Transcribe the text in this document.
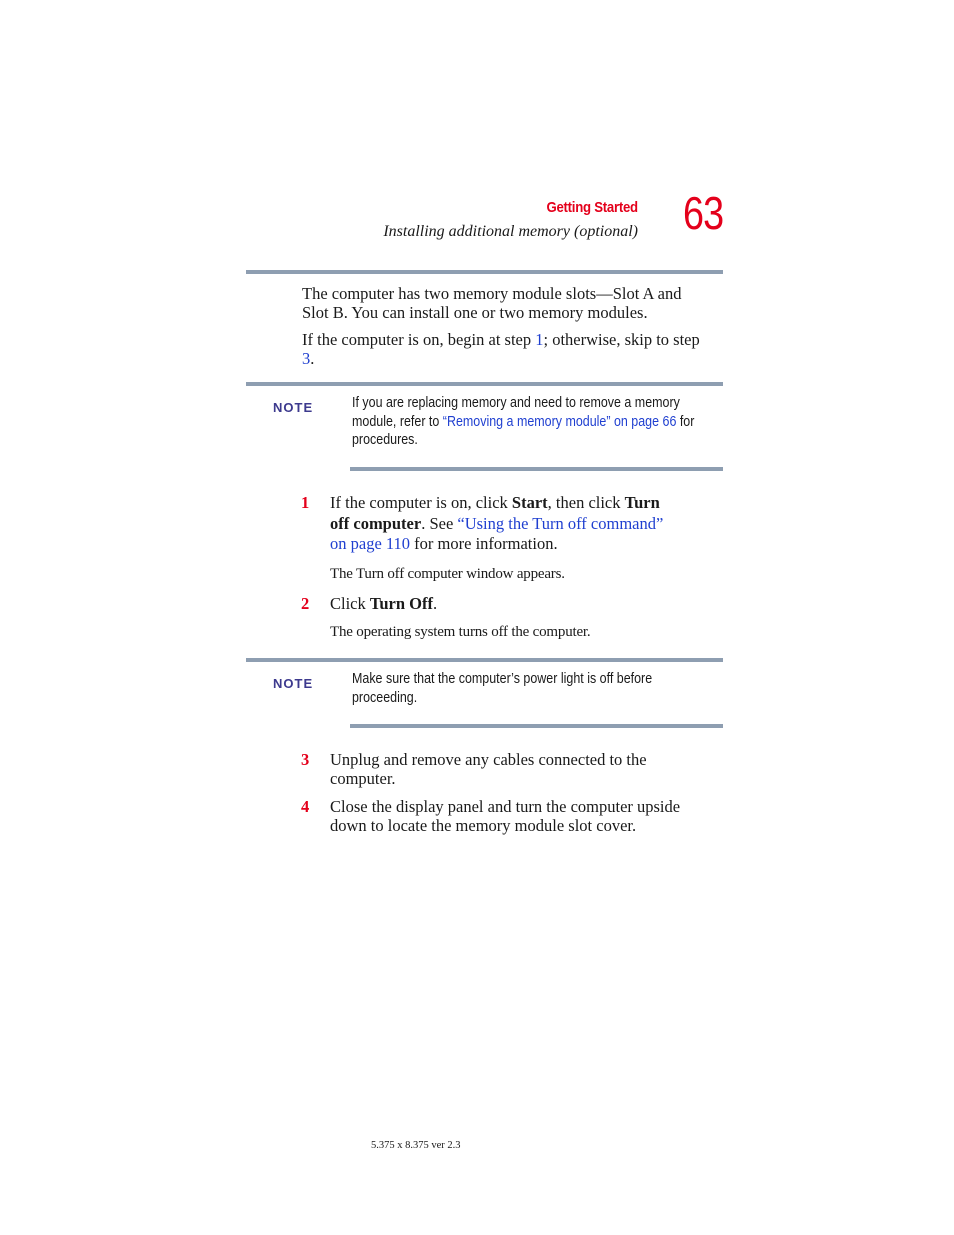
Getting Started
Installing additional memory (optional) 63
The computer has two memory module slots—Slot A and Slot B. You can install one or two memory modules.
If the computer is on, begin at step 1; otherwise, skip to step 3.
NOTE	If you are replacing memory and need to remove a memory module, refer to “Removing a memory module” on page 66 for procedures.
1 If the computer is on, click Start, then click Turn off computer. See “Using the Turn off command” on page 110 for more information.
The Turn off computer window appears.
2 Click Turn Off.
The operating system turns off the computer.
NOTE	Make sure that the computer’s power light is off before proceeding.
3 Unplug and remove any cables connected to the computer.
4 Close the display panel and turn the computer upside down to locate the memory module slot cover.
5.375 x 8.375 ver 2.3
